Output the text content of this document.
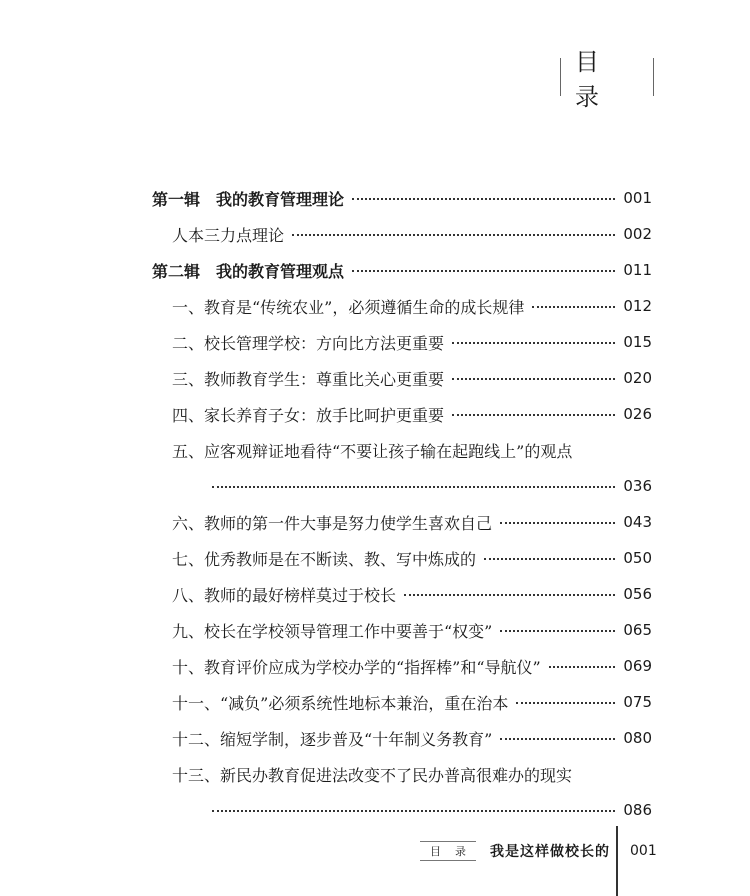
目 录
第一辑　我的教育管理理论	001
人本三力点理论	002
第二辑　我的教育管理观点	011
一、教育是“传统农业”，必须遵循生命的成长规律	012
二、校长管理学校：方向比方法更重要	015
三、教师教育学生：尊重比关心更重要	020
四、家长养育子女：放手比呵护更重要	026
五、应客观辩证地看待“不要让孩子输在起跑线上”的观点
036
六、教师的第一件大事是努力使学生喜欢自己	043
七、优秀教师是在不断读、教、写中炼成的	050
八、教师的最好榜样莫过于校长	056
九、校长在学校领导管理工作中要善于“权变”	065
十、教育评价应成为学校办学的“指挥棒”和“导航仪”	069
十一、“减负”必须系统性地标本兼治，重在治本	075
十二、缩短学制，逐步普及“十年制义务教育”	080
十三、新民办教育促进法改变不了民办普高很难办的现实
086
目 录 我是这样做校长的 001
